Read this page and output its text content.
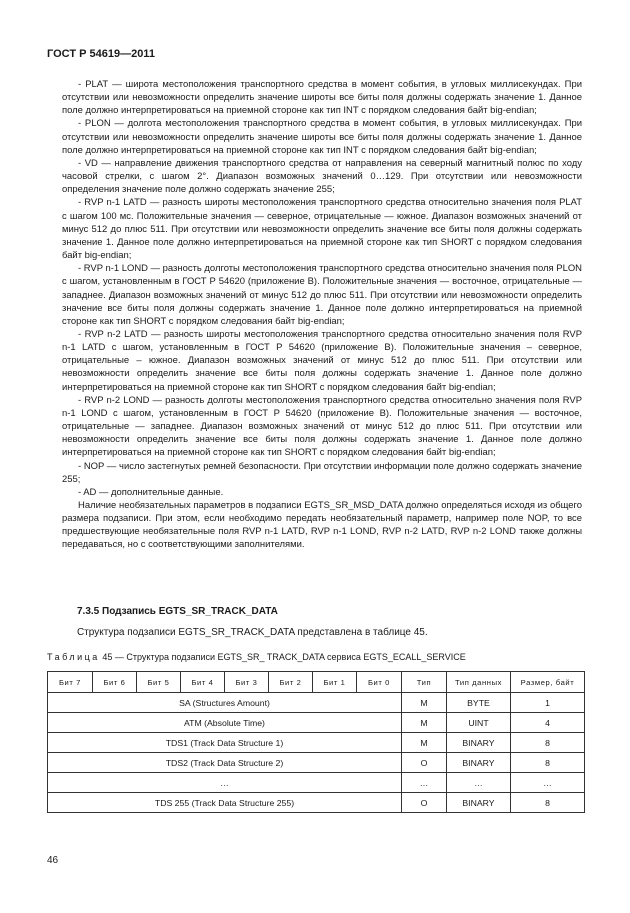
ГОСТ Р 54619—2011

- PLAT — широта местоположения транспортного средства в момент события, в угловых миллисекундах. При отсутствии или невозможности определить значение широты все биты поля должны содержать значение 1. Данное поле должно интерпретироваться на приемной стороне как тип INT с порядком следования байт big-endian;

- PLON — долгота местоположения транспортного средства в момент события, в угловых миллисекундах. При отсутствии или невозможности определить значение широты все биты поля должны содержать значение 1. Данное поле должно интерпретироваться на приемной стороне как тип INT с порядком следования байт big-endian;

- VD — направление движения транспортного средства от направления на северный магнитный полюс по ходу часовой стрелки, с шагом 2°. Диапазон возможных значений 0…129. При отсутствии или невозможности определения значение поле должно содержать значение 255;

- RVP n-1 LATD — разность широты местоположения транспортного средства относительно значения поля PLAT с шагом 100 мс. Положительные значения — северное, отрицательные — южное. Диапазон возможных значений от минус 512 до плюс 511. При отсутствии или невозможности определить значение все биты поля должны содержать значение 1. Данное поле должно интерпретироваться на приемной стороне как тип SHORT с порядком следования байт big-endian;

- RVP n-1 LOND — разность долготы местоположения транспортного средства относительно значения поля PLON с шагом, установленным в ГОСТ Р 54620 (приложение В). Положительные значения — восточное, отрицательные — западнее. Диапазон возможных значений от минус 512 до плюс 511. При отсутствии или невозможности определить значение все биты поля должны содержать значение 1. Данное поле должно интерпретироваться на приемной стороне как тип SHORT с порядком следования байт big-endian;

- RVP n-2 LATD — разность широты местоположения транспортного средства относительно значения поля RVP n-1 LATD с шагом, установленным в ГОСТ Р 54620 (приложение В). Положительные значения – северное, отрицательные – южное. Диапазон возможных значений от минус 512 до плюс 511. При отсутствии или невозможности определить значение все биты поля должны содержать значение 1. Данное поле должно интерпретироваться на приемной стороне как тип SHORT с порядком следования байт big-endian;

- RVP n-2 LOND — разность долготы местоположения транспортного средства относительно значения поля RVP n-1 LOND с шагом, установленным в ГОСТ Р 54620 (приложение В). Положительные значения — восточное, отрицательные — западнее. Диапазон возможных значений от минус 512 до плюс 511. При отсутствии или невозможности определить значение все биты поля должны содержать значение 1. Данное поле должно интерпретироваться на приемной стороне как тип SHORT с порядком следования байт big-endian;

- NOP — число застегнутых ремней безопасности. При отсутствии информации поле должно содержать значение 255;

- AD — дополнительные данные.

Наличие необязательных параметров в подзаписи EGTS_SR_MSD_DATA должно определяться исходя из общего размера подзаписи. При этом, если необходимо передать необязательный параметр, например поле NOP, то все предшествующие необязательные поля RVP n-1 LATD, RVP n-1 LOND, RVP n-2 LATD, RVP n-2 LOND также должны передаваться, но с соответствующими заполнителями.

7.3.5 Подзапись EGTS_SR_TRACK_DATA
Структура подзаписи EGTS_SR_TRACK_DATA представлена в таблице 45.
Таблица 45 — Структура подзаписи EGTS_SR_ TRACK_DATA сервиса EGTS_ECALL_SERVICE
Бит 7	Бит 6	Бит 5	Бит 4	Бит 3	Бит 2	Бит 1	Бит 0	Тип	Тип данных	Размер, байт
SA (Structures Amount)								M	BYTE	1
ATM (Absolute Time)								M	UINT	4
TDS1 (Track Data Structure 1)								M	BINARY	8
TDS2 (Track Data Structure 2)								O	BINARY	8
…								…	…	…
TDS 255 (Track Data Structure 255)								O	BINARY	8
46
